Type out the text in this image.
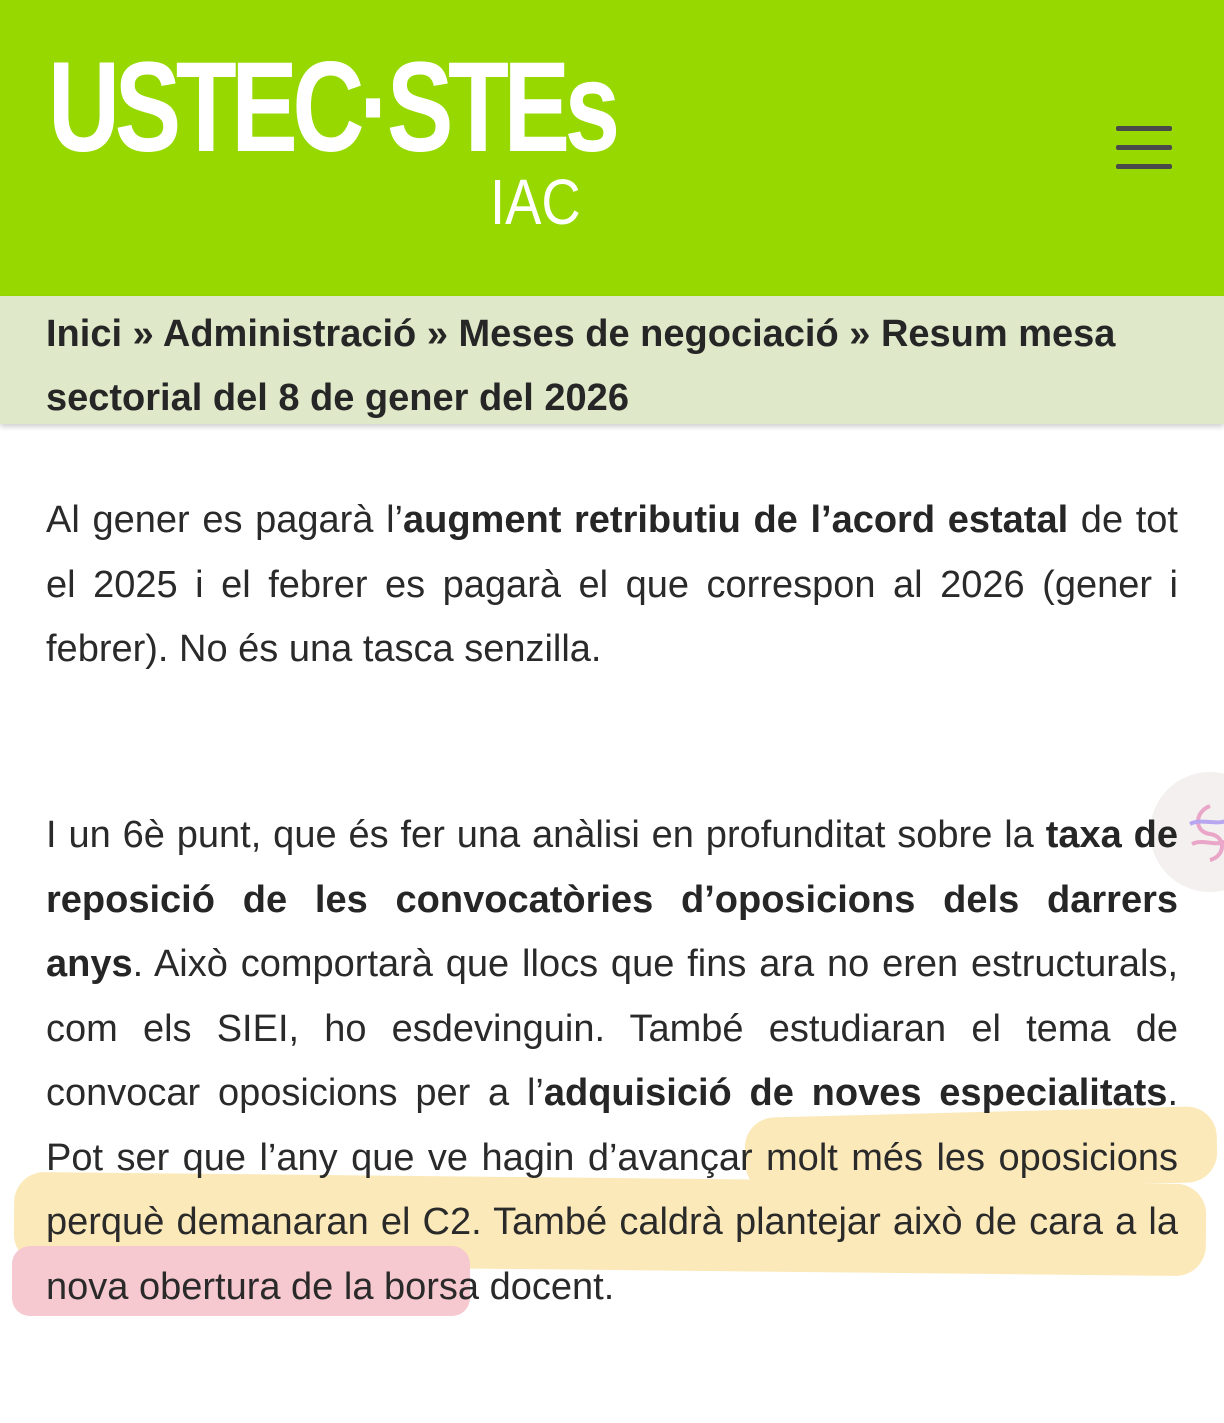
USTEC·STEs
IAC
Inici » Administració » Meses de negociació » Resum mesa sectorial del 8 de gener del 2026
Al gener es pagarà l’augment retributiu de l’acord estatal de tot el 2025 i el febrer es pagarà el que correspon al 2026 (gener i febrer). No és una tasca senzilla.
I un 6è punt, que és fer una anàlisi en profunditat sobre la taxa de reposició de les convocatòries d’oposicions dels darrers anys. Això comportarà que llocs que fins ara no eren estructurals, com els SIEI, ho esdevinguin. També estudiaran el tema de convocar oposicions per a l’adquisició de noves especialitats. Pot ser que l’any que ve hagin d’avançar molt més les oposicions perquè demanaran el C2. També caldrà plantejar això de cara a la nova obertura de la borsa docent.
